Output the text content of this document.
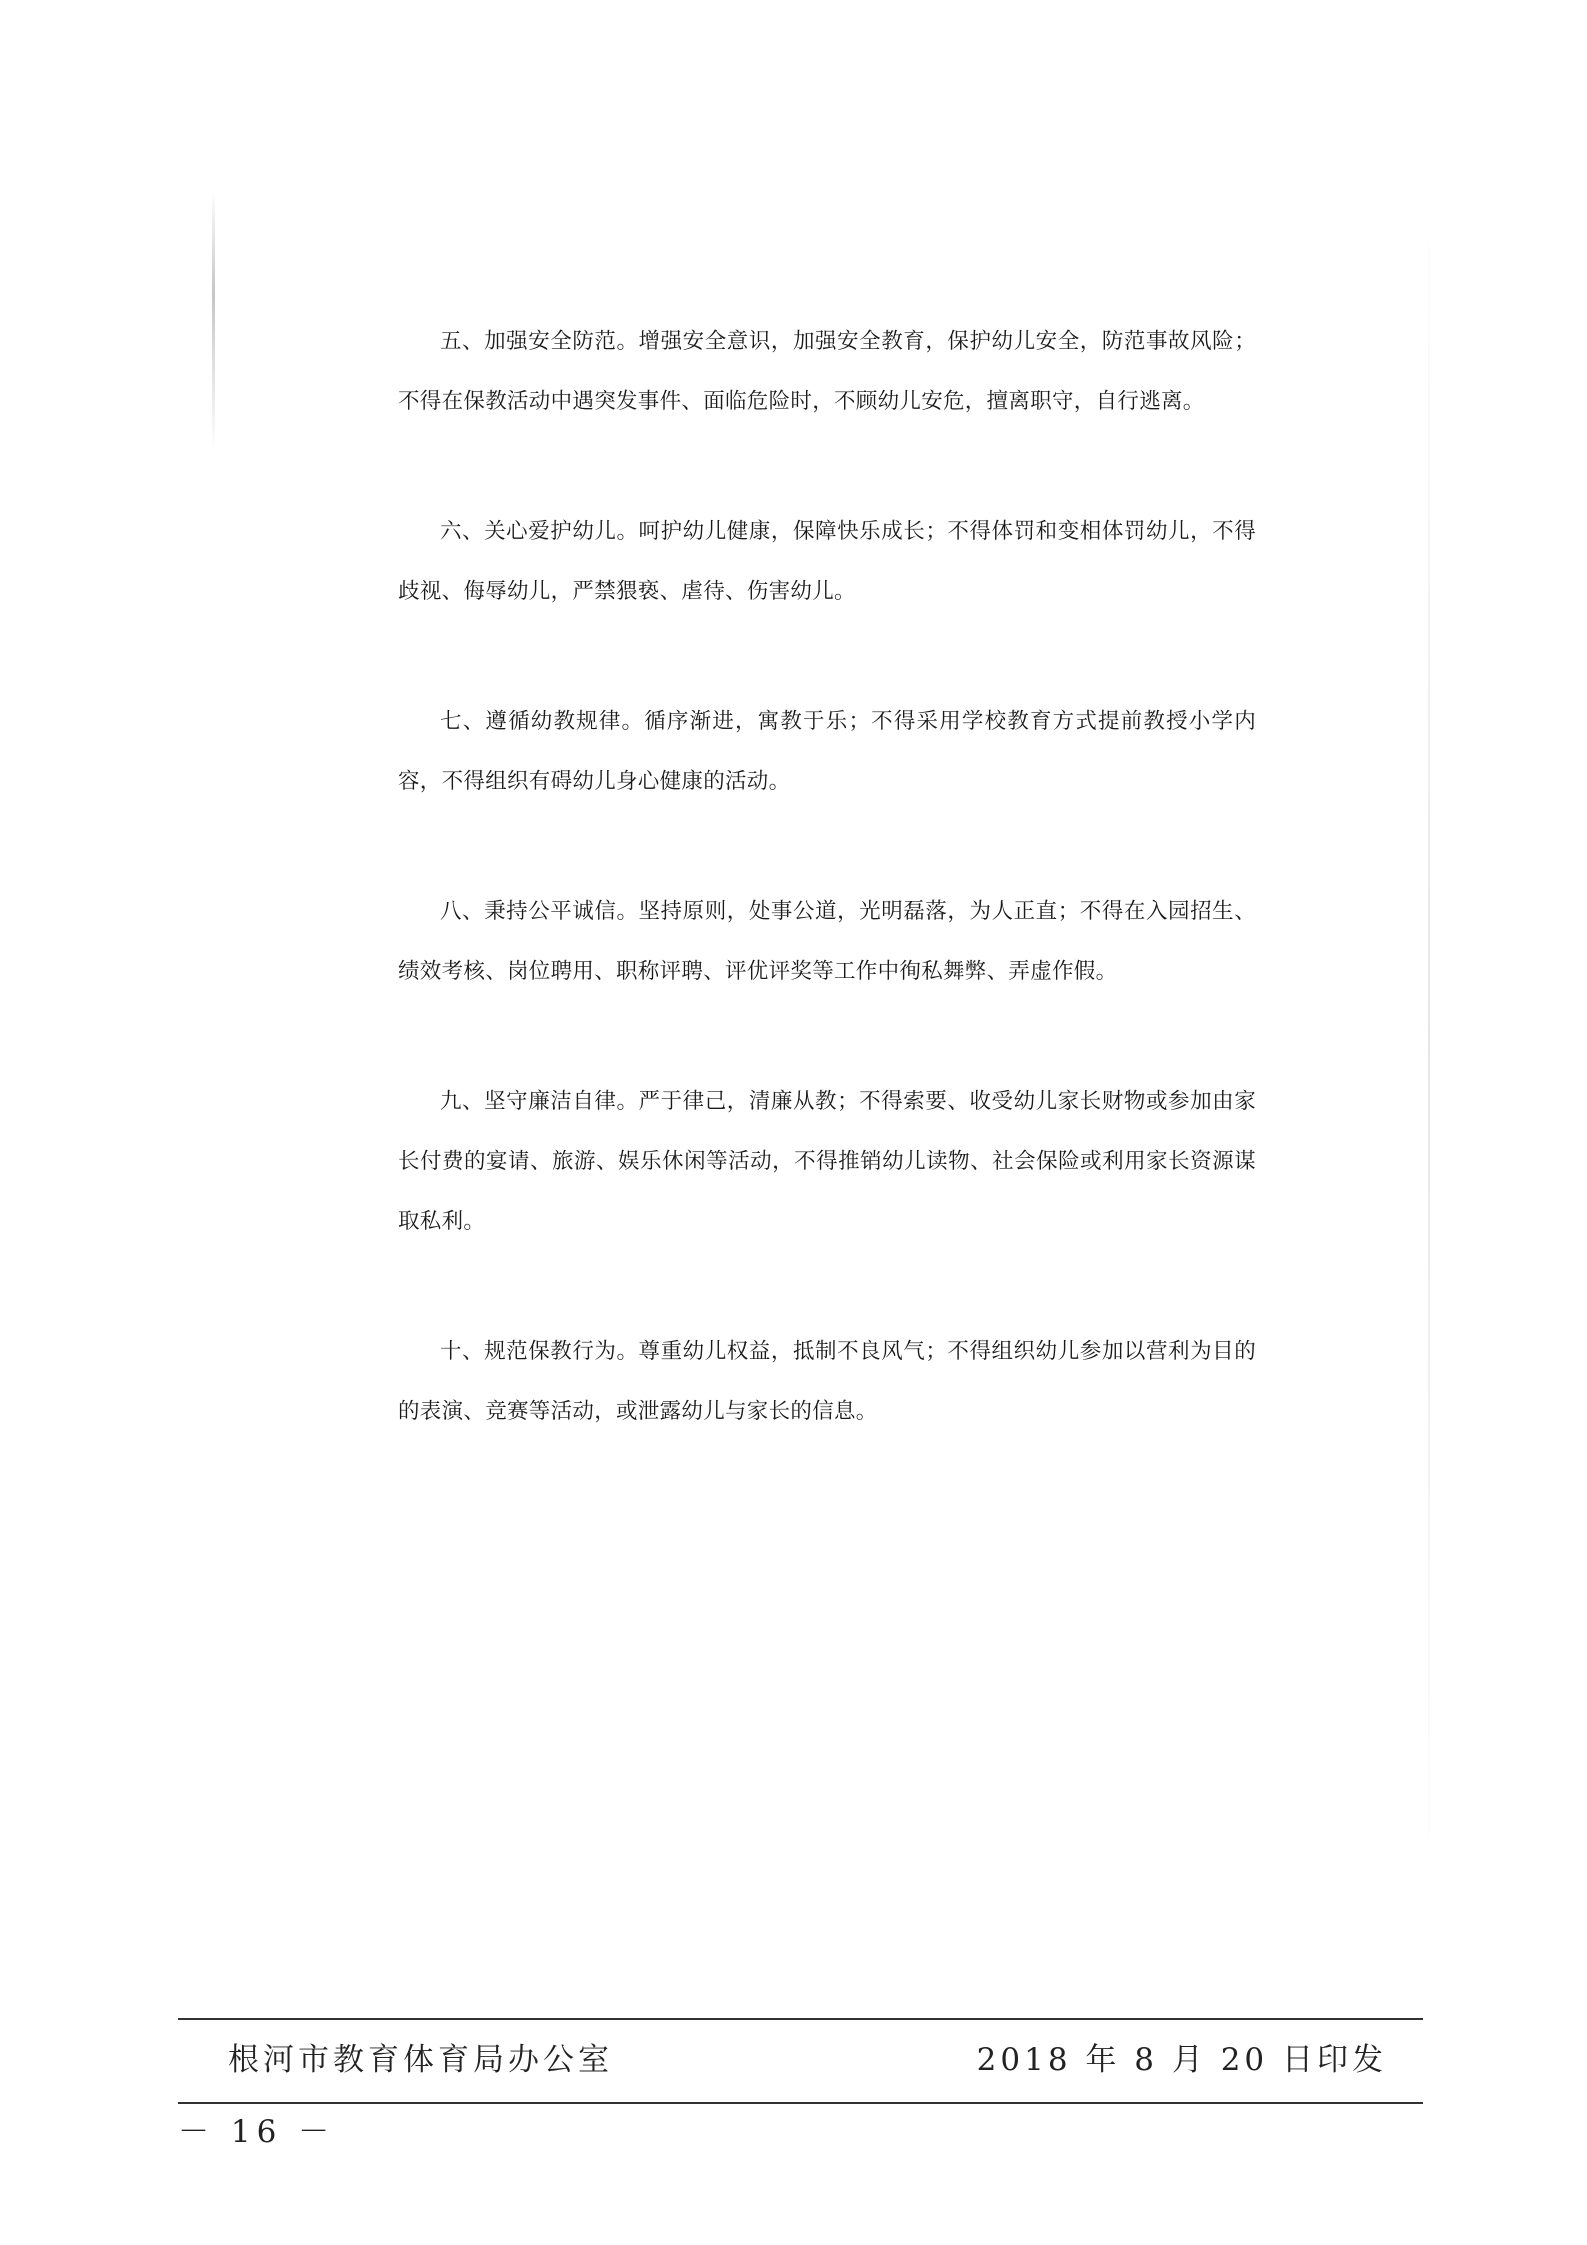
五、加强安全防范。增强安全意识，加强安全教育，保护幼儿安全，防范事故风险；不得在保教活动中遇突发事件、面临危险时，不顾幼儿安危，擅离职守，自行逃离。

六、关心爱护幼儿。呵护幼儿健康，保障快乐成长；不得体罚和变相体罚幼儿，不得歧视、侮辱幼儿，严禁猥亵、虐待、伤害幼儿。

七、遵循幼教规律。循序渐进，寓教于乐；不得采用学校教育方式提前教授小学内容，不得组织有碍幼儿身心健康的活动。

八、秉持公平诚信。坚持原则，处事公道，光明磊落，为人正直；不得在入园招生、绩效考核、岗位聘用、职称评聘、评优评奖等工作中徇私舞弊、弄虚作假。

九、坚守廉洁自律。严于律己，清廉从教；不得索要、收受幼儿家长财物或参加由家长付费的宴请、旅游、娱乐休闲等活动，不得推销幼儿读物、社会保险或利用家长资源谋取私利。

十、规范保教行为。尊重幼儿权益，抵制不良风气；不得组织幼儿参加以营利为目的的表演、竞赛等活动，或泄露幼儿与家长的信息。

根河市教育体育局办公室	2018 年 8 月 20 日印发
－ 16 －
